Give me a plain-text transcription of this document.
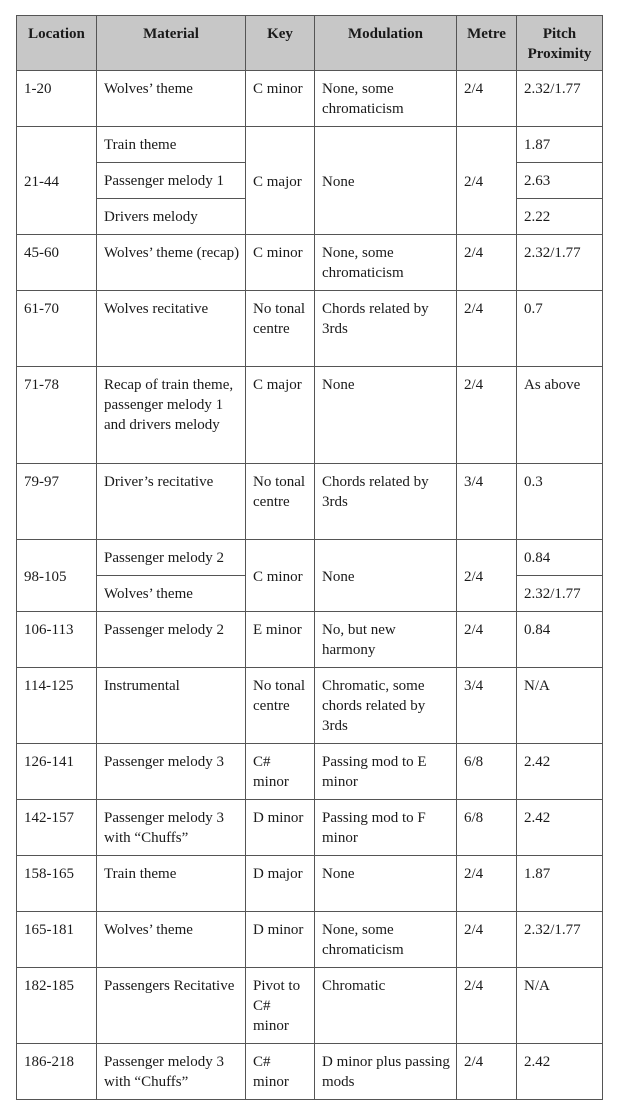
Location	Material	Key	Modulation	Metre	Pitch Proximity
1-20	Wolves’ theme	C minor	None, some chromaticism	2/4	2.32/1.77
21-44	Train theme	C major	None	2/4	1.87
	Passenger melody 1				2.63
	Drivers melody				2.22
45-60	Wolves’ theme (recap)	C minor	None, some chromaticism	2/4	2.32/1.77
61-70	Wolves recitative	No tonal centre	Chords related by 3rds	2/4	0.7
71-78	Recap of train theme, passenger melody 1 and drivers melody	C major	None	2/4	As above
79-97	Driver’s recitative	No tonal centre	Chords related by 3rds	3/4	0.3
98-105	Passenger melody 2	C minor	None	2/4	0.84
	Wolves’ theme				2.32/1.77
106-113	Passenger melody 2	E minor	No, but new harmony	2/4	0.84
114-125	Instrumental	No tonal centre	Chromatic, some chords related by 3rds	3/4	N/A
126-141	Passenger melody 3	C# minor	Passing mod to E minor	6/8	2.42
142-157	Passenger melody 3 with “Chuffs”	D minor	Passing mod to F minor	6/8	2.42
158-165	Train theme	D major	None	2/4	1.87
165-181	Wolves’ theme	D minor	None, some chromaticism	2/4	2.32/1.77
182-185	Passengers Recitative	Pivot to C# minor	Chromatic	2/4	N/A
186-218	Passenger melody 3 with “Chuffs”	C# minor	D minor plus passing mods	2/4	2.42
